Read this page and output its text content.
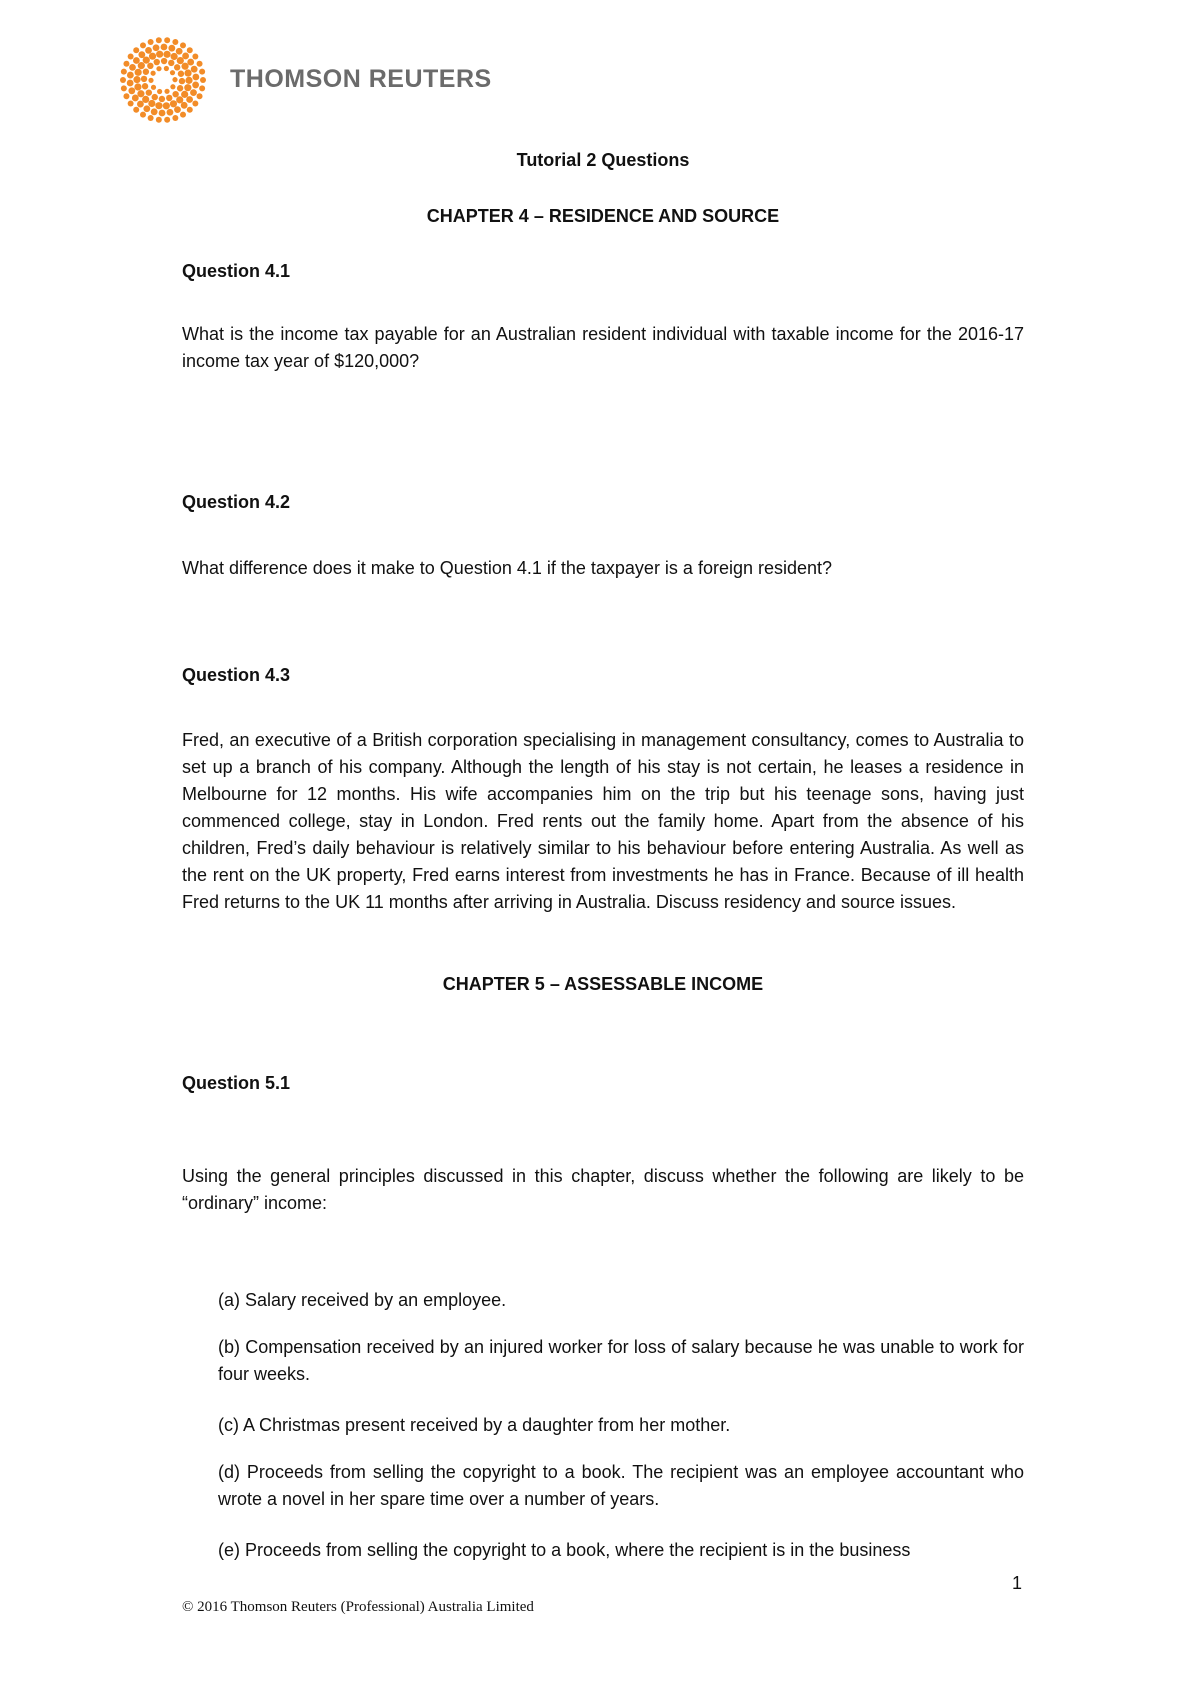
THOMSON REUTERS
Tutorial 2 Questions
CHAPTER 4 – RESIDENCE AND SOURCE
Question 4.1
What is the income tax payable for an Australian resident individual with taxable income for the 2016-17 income tax year of $120,000?
Question 4.2
What difference does it make to Question 4.1 if the taxpayer is a foreign resident?
Question 4.3
Fred, an executive of a British corporation specialising in management consultancy, comes to Australia to set up a branch of his company. Although the length of his stay is not certain, he leases a residence in Melbourne for 12 months. His wife accompanies him on the trip but his teenage sons, having just commenced college, stay in London. Fred rents out the family home. Apart from the absence of his children, Fred’s daily behaviour is relatively similar to his behaviour before entering Australia. As well as the rent on the UK property, Fred earns interest from investments he has in France. Because of ill health Fred returns to the UK 11 months after arriving in Australia. Discuss residency and source issues.
CHAPTER 5 – ASSESSABLE INCOME
Question 5.1
Using the general principles discussed in this chapter, discuss whether the following are likely to be “ordinary” income:
(a) Salary received by an employee.
(b) Compensation received by an injured worker for loss of salary because he was unable to work for four weeks.
(c) A Christmas present received by a daughter from her mother.
(d) Proceeds from selling the copyright to a book. The recipient was an employee accountant who wrote a novel in her spare time over a number of years.
(e) Proceeds from selling the copyright to a book, where the recipient is in the business
1
© 2016 Thomson Reuters (Professional) Australia Limited
